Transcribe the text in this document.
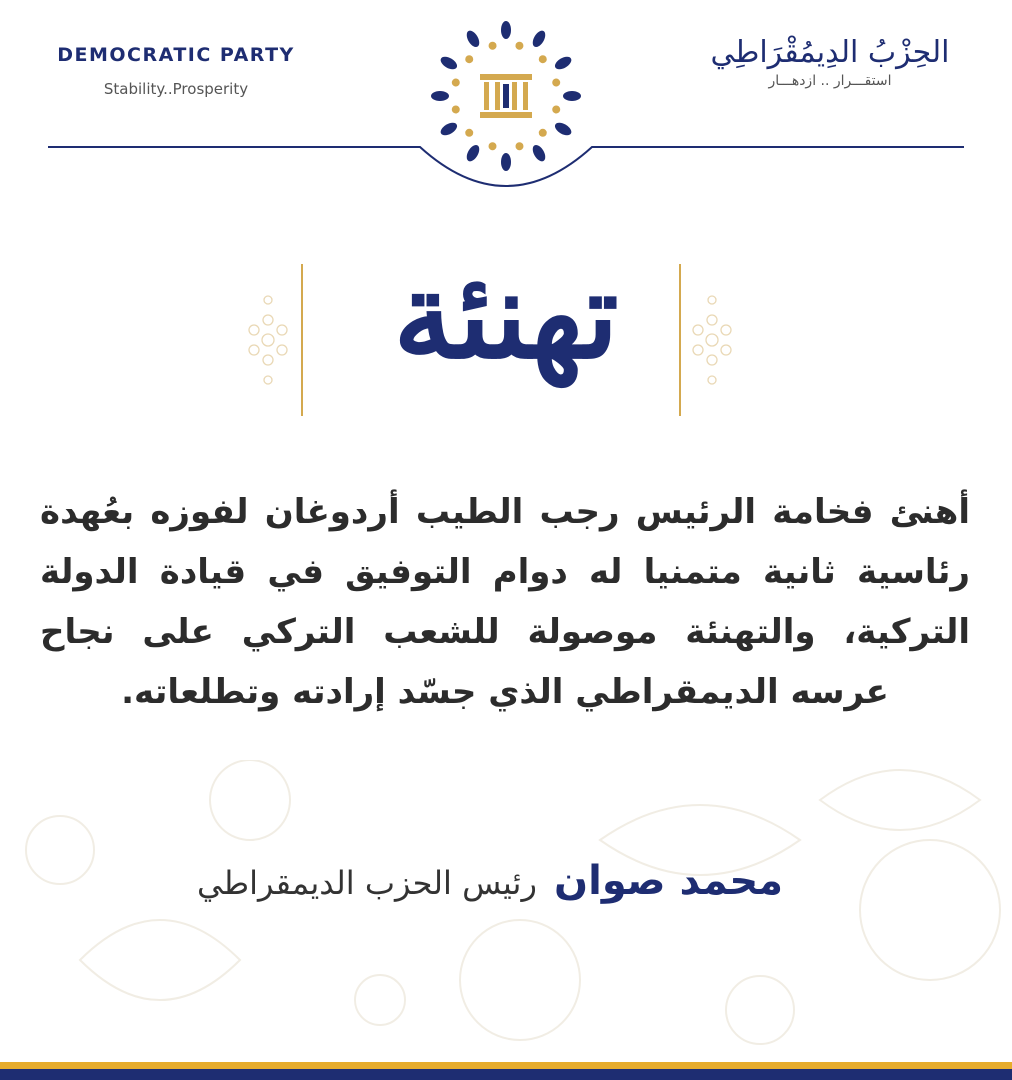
DEMOCRATIC PARTY
Stability..Prosperity
الحِزْبُ الدِيمُقْرَاطِي
استقـــرار .. ازدهـــار
تهنئة
أهنئ فخامة الرئيس رجب الطيب أردوغان لفوزه بعُهدة رئاسية ثانية متمنيا له دوام التوفيق في قيادة الدولة التركية، والتهنئة موصولة للشعب التركي على نجاح عرسه الديمقراطي الذي جسّد إرادته وتطلعاته.
محمد صوان رئيس الحزب الديمقراطي
